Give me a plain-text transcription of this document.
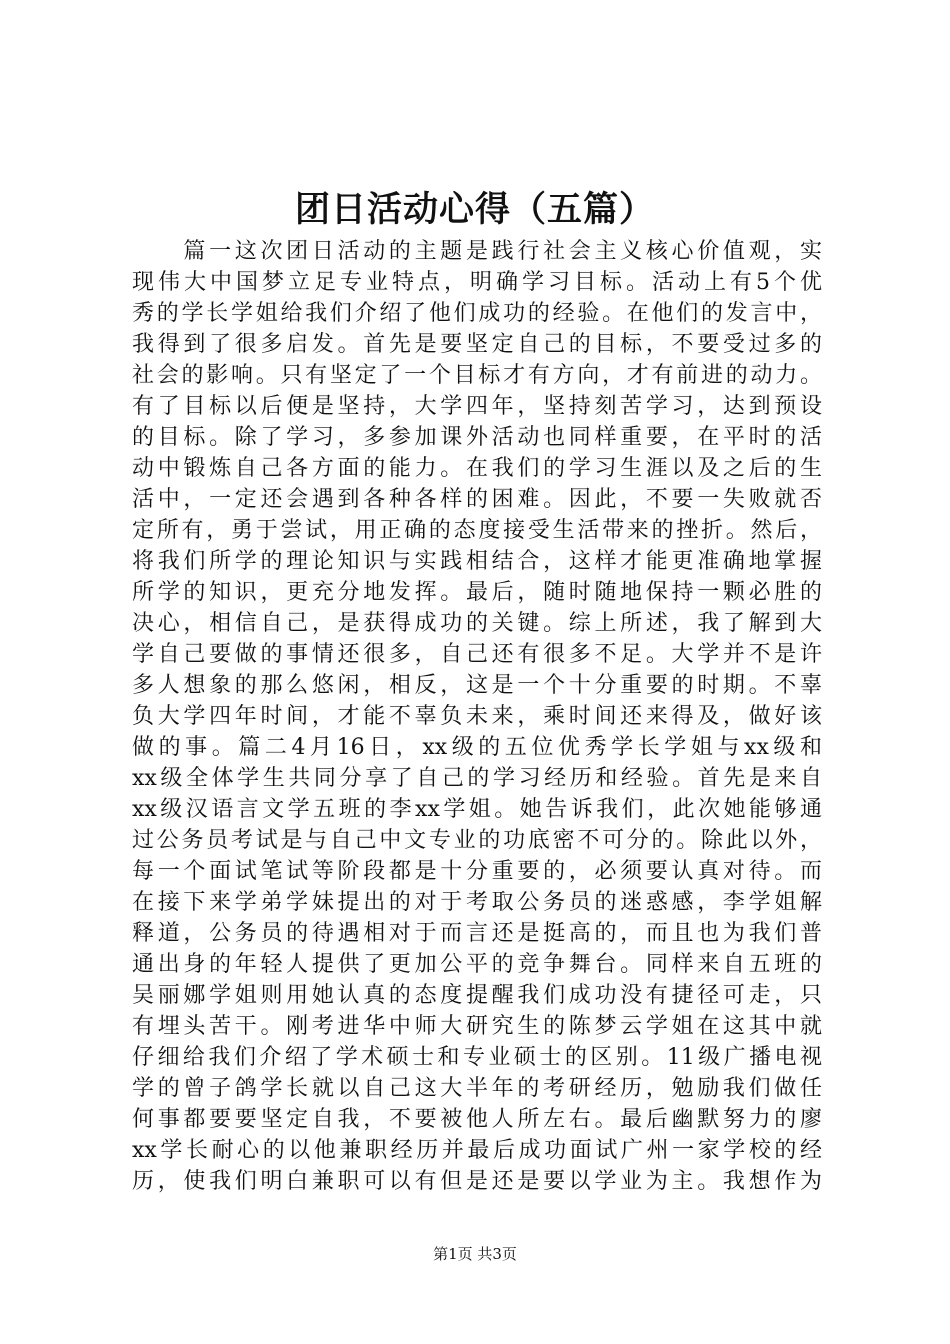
团日活动心得（五篇）
　　篇一这次团日活动的主题是践行社会主义核心价值观，实
现伟大中国梦立足专业特点，明确学习目标。活动上有5个优
秀的学长学姐给我们介绍了他们成功的经验。在他们的发言中，
我得到了很多启发。首先是要坚定自己的目标，不要受过多的
社会的影响。只有坚定了一个目标才有方向，才有前进的动力。
有了目标以后便是坚持，大学四年，坚持刻苦学习，达到预设
的目标。除了学习，多参加课外活动也同样重要，在平时的活
动中锻炼自己各方面的能力。在我们的学习生涯以及之后的生
活中，一定还会遇到各种各样的困难。因此，不要一失败就否
定所有，勇于尝试，用正确的态度接受生活带来的挫折。然后，
将我们所学的理论知识与实践相结合，这样才能更准确地掌握
所学的知识，更充分地发挥。最后，随时随地保持一颗必胜的
决心，相信自己，是获得成功的关键。综上所述，我了解到大
学自己要做的事情还很多，自己还有很多不足。大学并不是许
多人想象的那么悠闲，相反，这是一个十分重要的时期。不辜
负大学四年时间，才能不辜负未来，乘时间还来得及，做好该
做的事。篇二4月16日，xx级的五位优秀学长学姐与xx级和
xx级全体学生共同分享了自己的学习经历和经验。首先是来自
xx级汉语言文学五班的李xx学姐。她告诉我们，此次她能够通
过公务员考试是与自己中文专业的功底密不可分的。除此以外，
每一个面试笔试等阶段都是十分重要的，必须要认真对待。而
在接下来学弟学妹提出的对于考取公务员的迷惑感，李学姐解
释道，公务员的待遇相对于而言还是挺高的，而且也为我们普
通出身的年轻人提供了更加公平的竞争舞台。同样来自五班的
吴丽娜学姐则用她认真的态度提醒我们成功没有捷径可走，只
有埋头苦干。刚考进华中师大研究生的陈梦云学姐在这其中就
仔细给我们介绍了学术硕士和专业硕士的区别。11级广播电视
学的曾子鸽学长就以自己这大半年的考研经历，勉励我们做任
何事都要要坚定自我，不要被他人所左右。最后幽默努力的廖
xx学长耐心的以他兼职经历并最后成功面试广州一家学校的经
历，使我们明白兼职可以有但是还是要以学业为主。我想作为
第1页 共3页
